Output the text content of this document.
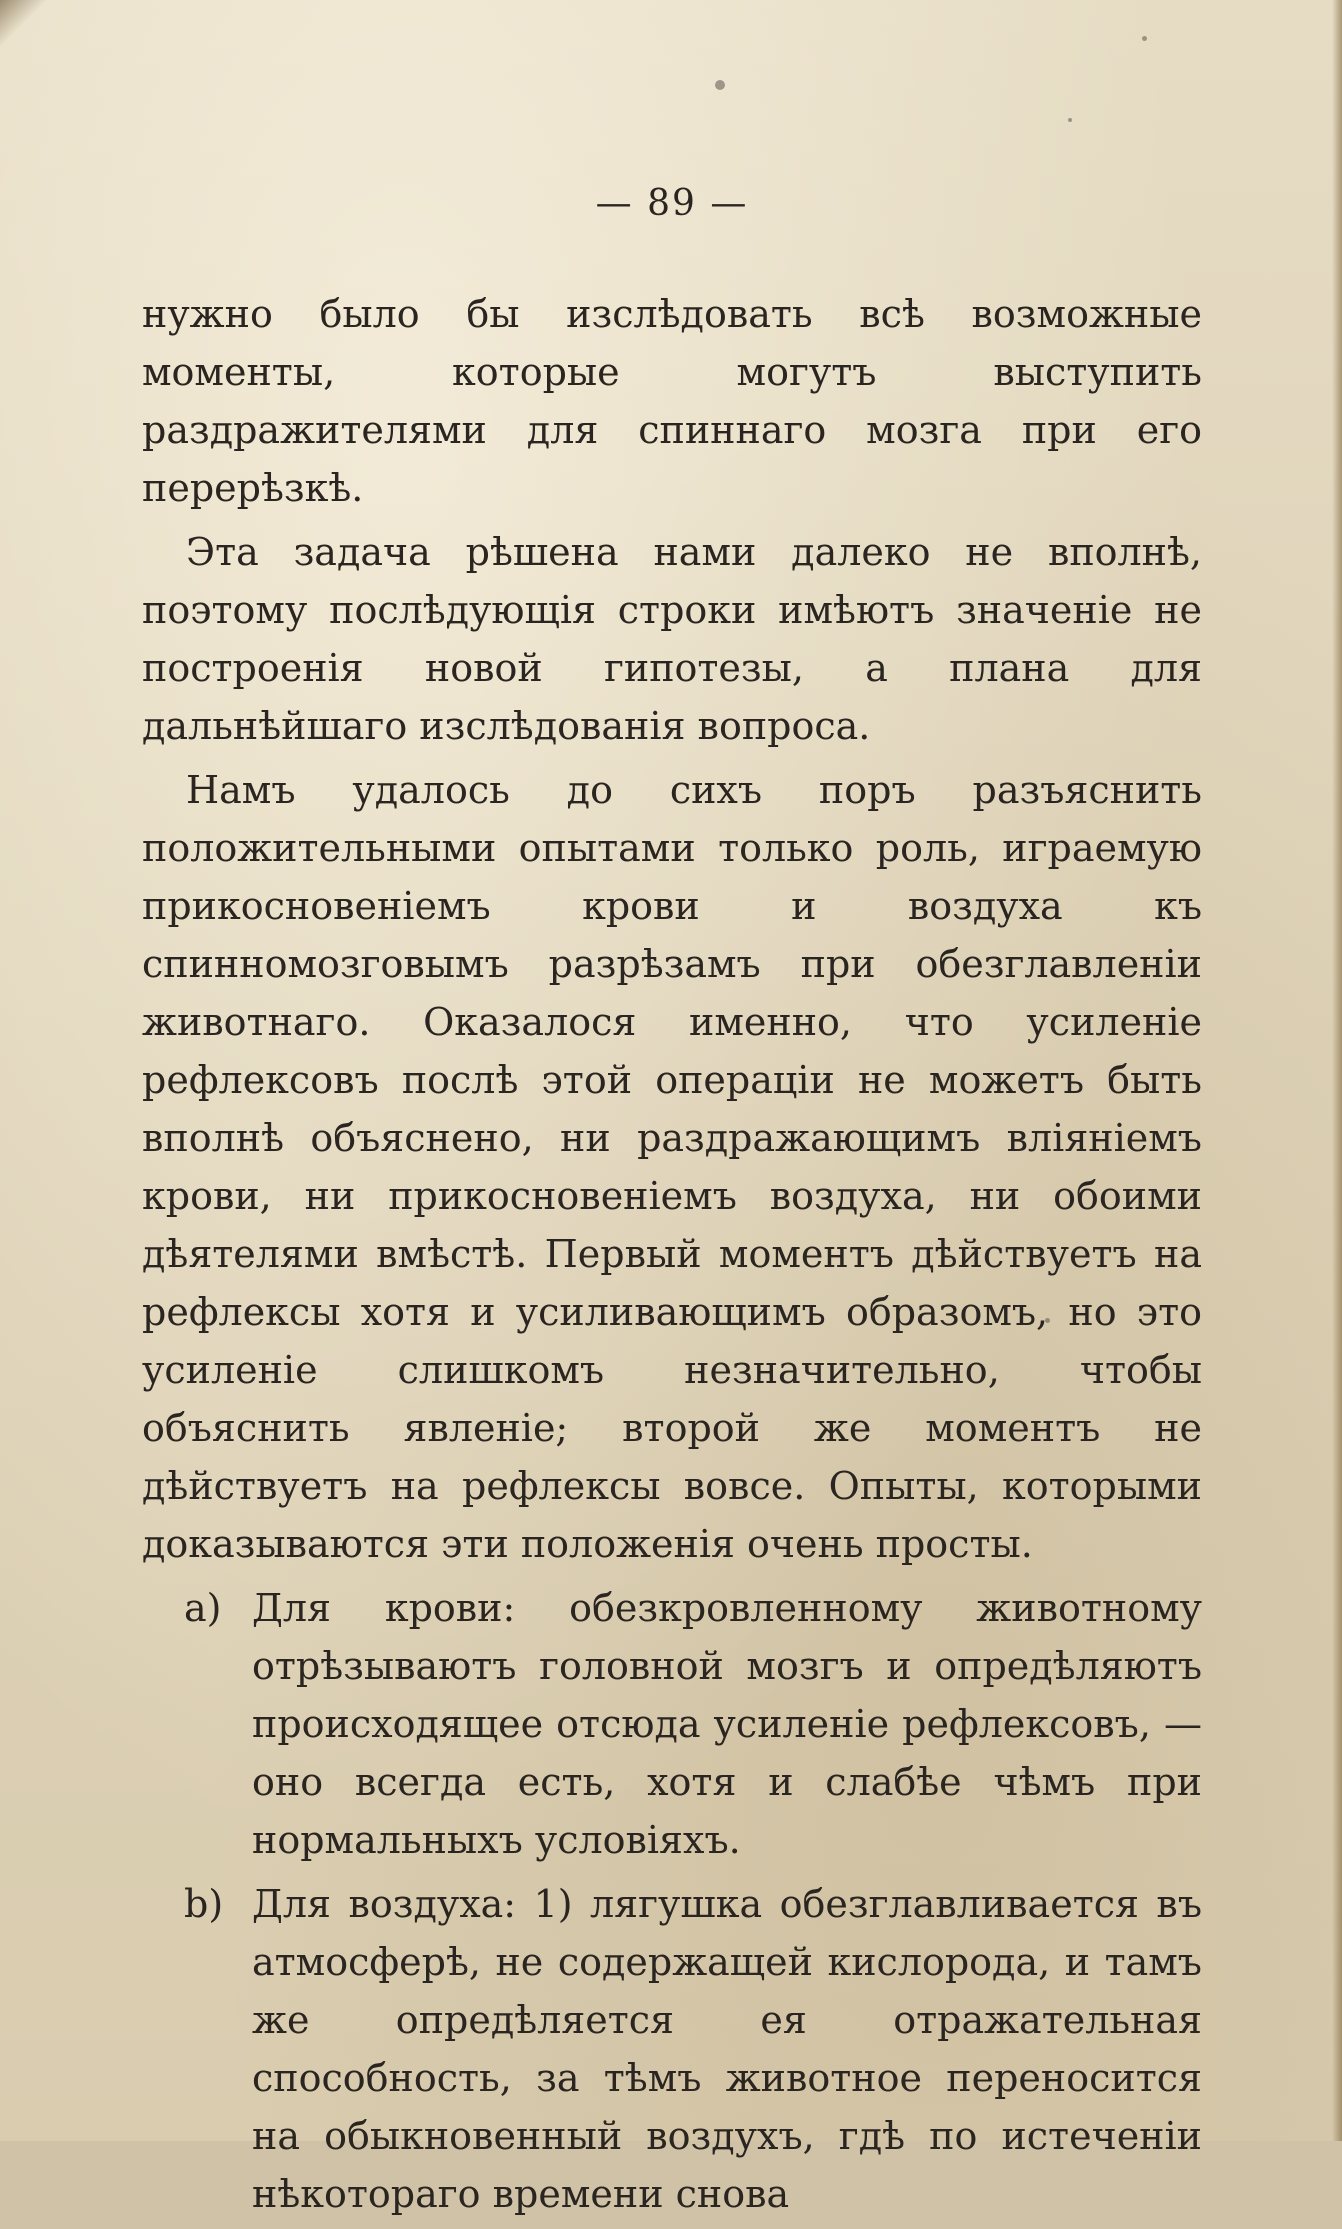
— 89 —

нужно было бы изслѣдовать всѣ возможные моменты, которые могутъ выступить раздражителями для спиннаго мозга при его перерѣзкѣ.

Эта задача рѣшена нами далеко не вполнѣ, поэтому послѣдующія строки имѣютъ значеніе не построенія новой гипотезы, а плана для дальнѣйшаго изслѣдованія вопроса.

Намъ удалось до сихъ поръ разъяснить положительными опытами только роль, играемую прикосновеніемъ крови и воздуха къ спинномозговымъ разрѣзамъ при обезглавленіи животнаго. Оказалося именно, что усиленіе рефлексовъ послѣ этой операціи не можетъ быть вполнѣ объяснено, ни раздражающимъ вліяніемъ крови, ни прикосновеніемъ воздуха, ни обоими дѣятелями вмѣстѣ. Первый моментъ дѣйствуетъ на рефлексы хотя и усиливающимъ образомъ, но это усиленіе слишкомъ незначительно, чтобы объяснить явленіе; второй же моментъ не дѣйствуетъ на рефлексы вовсе. Опыты, которыми доказываются эти положенія очень просты.

a) Для крови: обезкровленному животному отрѣзываютъ головной мозгъ и опредѣляютъ происходящее отсюда усиленіе рефлексовъ, — оно всегда есть, хотя и слабѣе чѣмъ при нормальныхъ условіяхъ.
b) Для воздуха: 1) лягушка обезглавливается въ атмосферѣ, не содержащей кислорода, и тамъ же опредѣляется ея отражательная способность, за тѣмъ животное переносится на обыкновенный воздухъ, гдѣ по истеченіи нѣкотораго времени снова
